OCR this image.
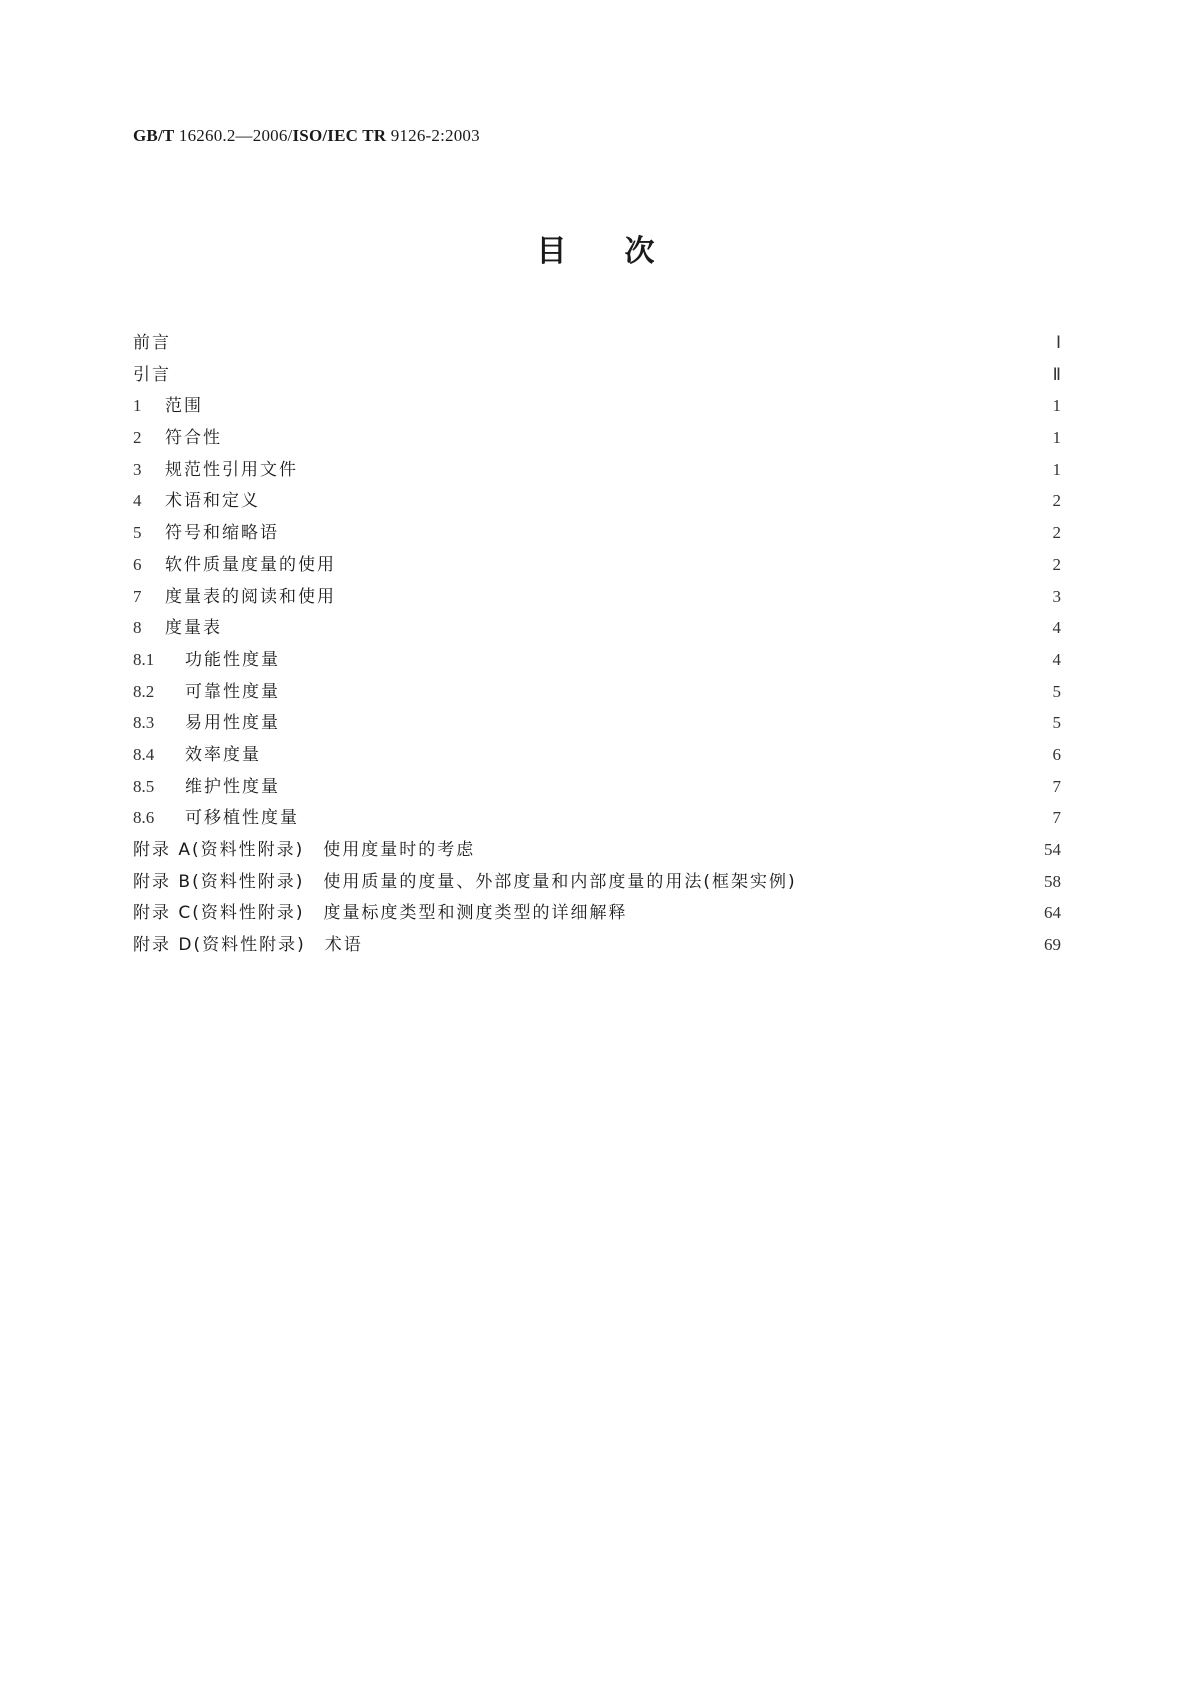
GB/T 16260.2—2006/ISO/IEC TR 9126-2:2003
目次
前言	Ⅰ
引言	Ⅱ
1	范围	1
2	符合性	1
3	规范性引用文件	1
4	术语和定义	2
5	符号和缩略语	2
6	软件质量度量的使用	2
7	度量表的阅读和使用	3
8	度量表	4
8.1	功能性度量	4
8.2	可靠性度量	5
8.3	易用性度量	5
8.4	效率度量	6
8.5	维护性度量	7
8.6	可移植性度量	7
附录 A(资料性附录)　使用度量时的考虑	54
附录 B(资料性附录)　使用质量的度量、外部度量和内部度量的用法(框架实例)	58
附录 C(资料性附录)　度量标度类型和测度类型的详细解释	64
附录 D(资料性附录)　术语	69
